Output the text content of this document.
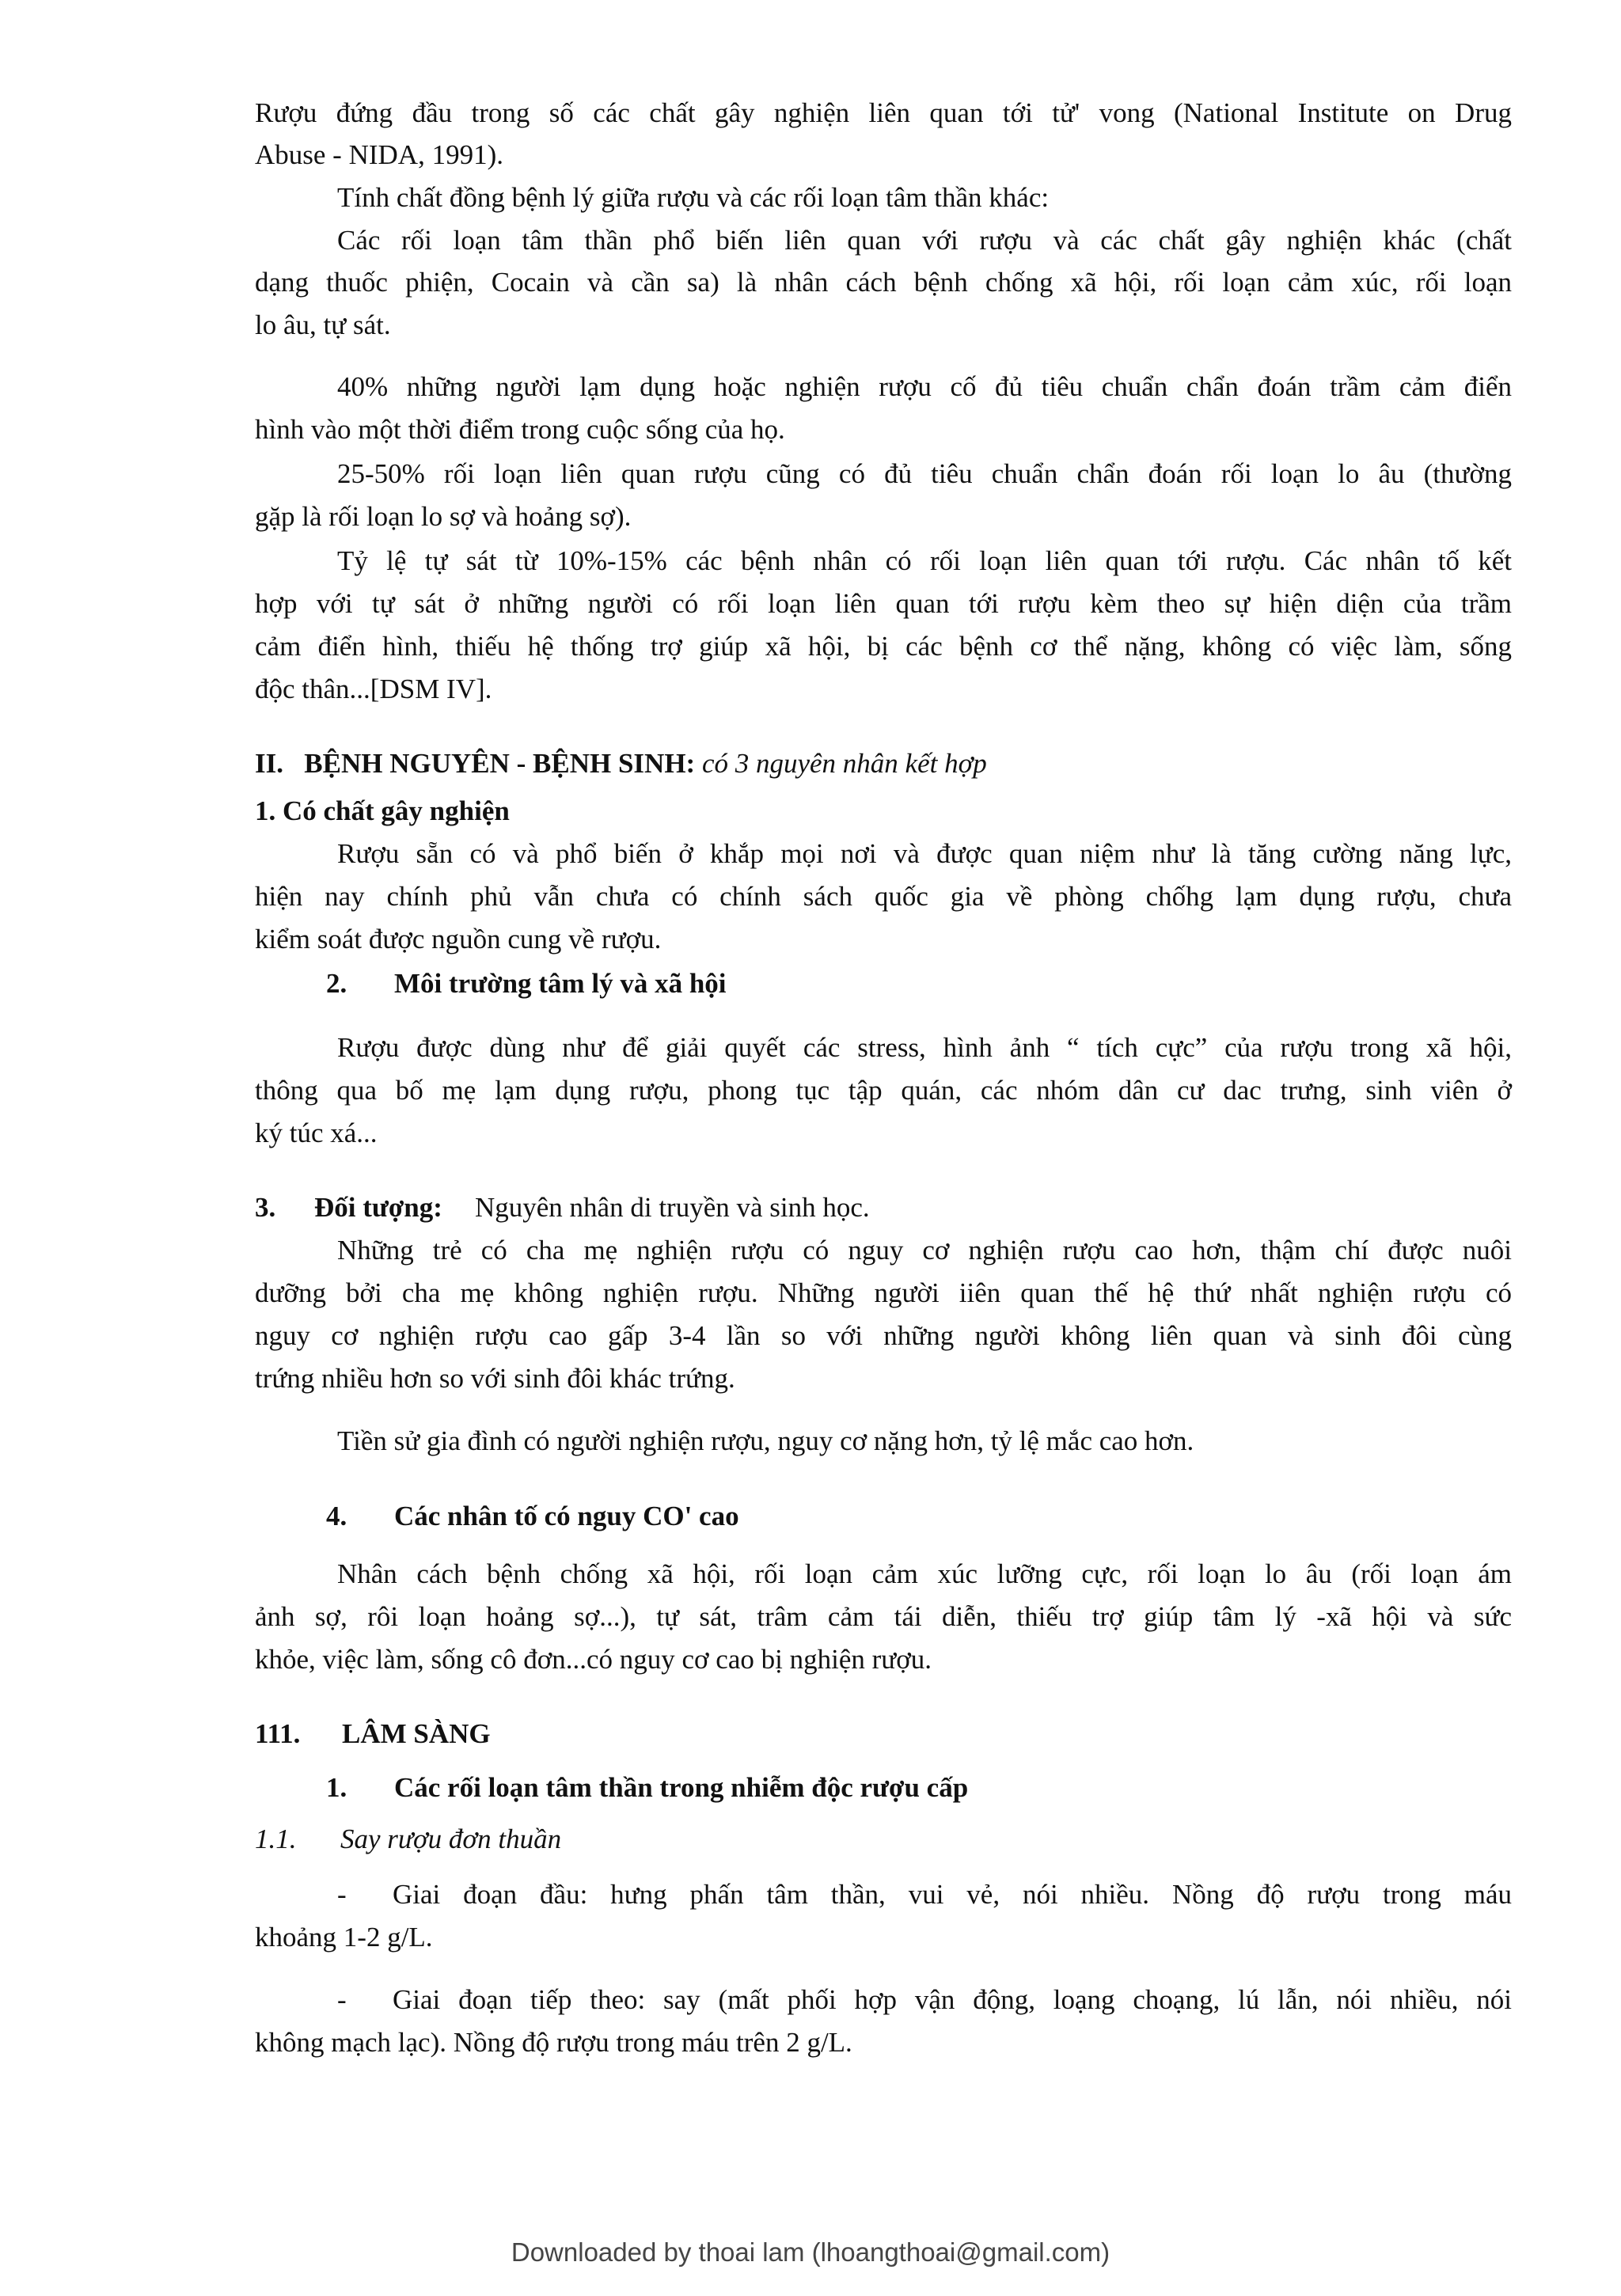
Rượu đứng đầu trong số các chất gây nghiện liên quan tới tử' vong (National Institute on Drug

Abuse - NIDA, 1991).

Tính chất đồng bệnh lý giữa rượu và các rối loạn tâm thần khác:

Các rối loạn tâm thần phổ biến liên quan với rượu và các chất gây nghiện khác (chất

dạng thuốc phiện, Cocain và cần sa) là nhân cách bệnh chống xã hội, rối loạn cảm xúc, rối loạn

lo âu, tự sát.

40% những người lạm dụng hoặc nghiện rượu cố đủ tiêu chuẩn chẩn đoán trầm cảm điển

hình vào một thời điểm trong cuộc sống của họ.

25-50% rối loạn liên quan rượu cũng có đủ tiêu chuẩn chẩn đoán rối loạn lo âu (thường

gặp là rối loạn lo sợ và hoảng sợ).

Tỷ lệ tự sát từ 10%-15% các bệnh nhân có rối loạn liên quan tới rượu. Các nhân tố kết

hợp với tự sát ở những người có rối loạn liên quan tới rượu kèm theo sự hiện diện của trầm

cảm điển hình, thiếu hệ thống trợ giúp xã hội, bị các bệnh cơ thể nặng, không có việc làm, sống

độc thân...[DSM IV].

II. BỆNH NGUYÊN - BỆNH SINH: có 3 nguyên nhân kết hợp

1. Có chất gây nghiện

Rượu sẵn có và phổ biến ở khắp mọi nơi và được quan niệm như là tăng cường năng lực,

hiện nay chính phủ vẫn chưa có chính sách quốc gia về phòng chốhg lạm dụng rượu, chưa

kiểm soát được nguồn cung về rượu.

2. Môi trường tâm lý và xã hội

Rượu được dùng như để giải quyết các stress, hình ảnh “ tích cực” của rượu trong xã hội,

thông qua bố mẹ lạm dụng rượu, phong tục tập quán, các nhóm dân cư dac trưng, sinh viên ở

ký túc xá...

3. Đối tượng: Nguyên nhân di truyền và sinh học.

Những trẻ có cha mẹ nghiện rượu có nguy cơ nghiện rượu cao hơn, thậm chí được nuôi

dưỡng bởi cha mẹ không nghiện rượu. Những người iiên quan thế hệ thứ nhất nghiện rượu có

nguy cơ nghiện rượu cao gấp 3-4 lần so với những người không liên quan và sinh đôi cùng

trứng nhiều hơn so với sinh đôi khác trứng.

Tiền sử gia đình có người nghiện rượu, nguy cơ nặng hơn, tỷ lệ mắc cao hơn.

4. Các nhân tố có nguy CO' cao

Nhân cách bệnh chống xã hội, rối loạn cảm xúc lưỡng cực, rối loạn lo âu (rối loạn ám

ảnh sợ, rôi loạn hoảng sợ...), tự sát, trâm cảm tái diễn, thiếu trợ giúp tâm lý -xã hội và sức

khỏe, việc làm, sống cô đơn...có nguy cơ cao bị nghiện rượu.

111. LÂM SÀNG
1. Các rối loạn tâm thần trong nhiễm độc rượu cấp
1.1. Say rượu đơn thuần
- Giai đoạn đầu: hưng phấn tâm thần, vui vẻ, nói nhiều. Nồng độ rượu trong máu

khoảng 1-2 g/L.

- Giai đoạn tiếp theo: say (mất phối hợp vận động, loạng choạng, lú lẫn, nói nhiều, nói

không mạch lạc). Nồng độ rượu trong máu trên 2 g/L.

Downloaded by thoai lam (lhoangthoai@gmail.com)
